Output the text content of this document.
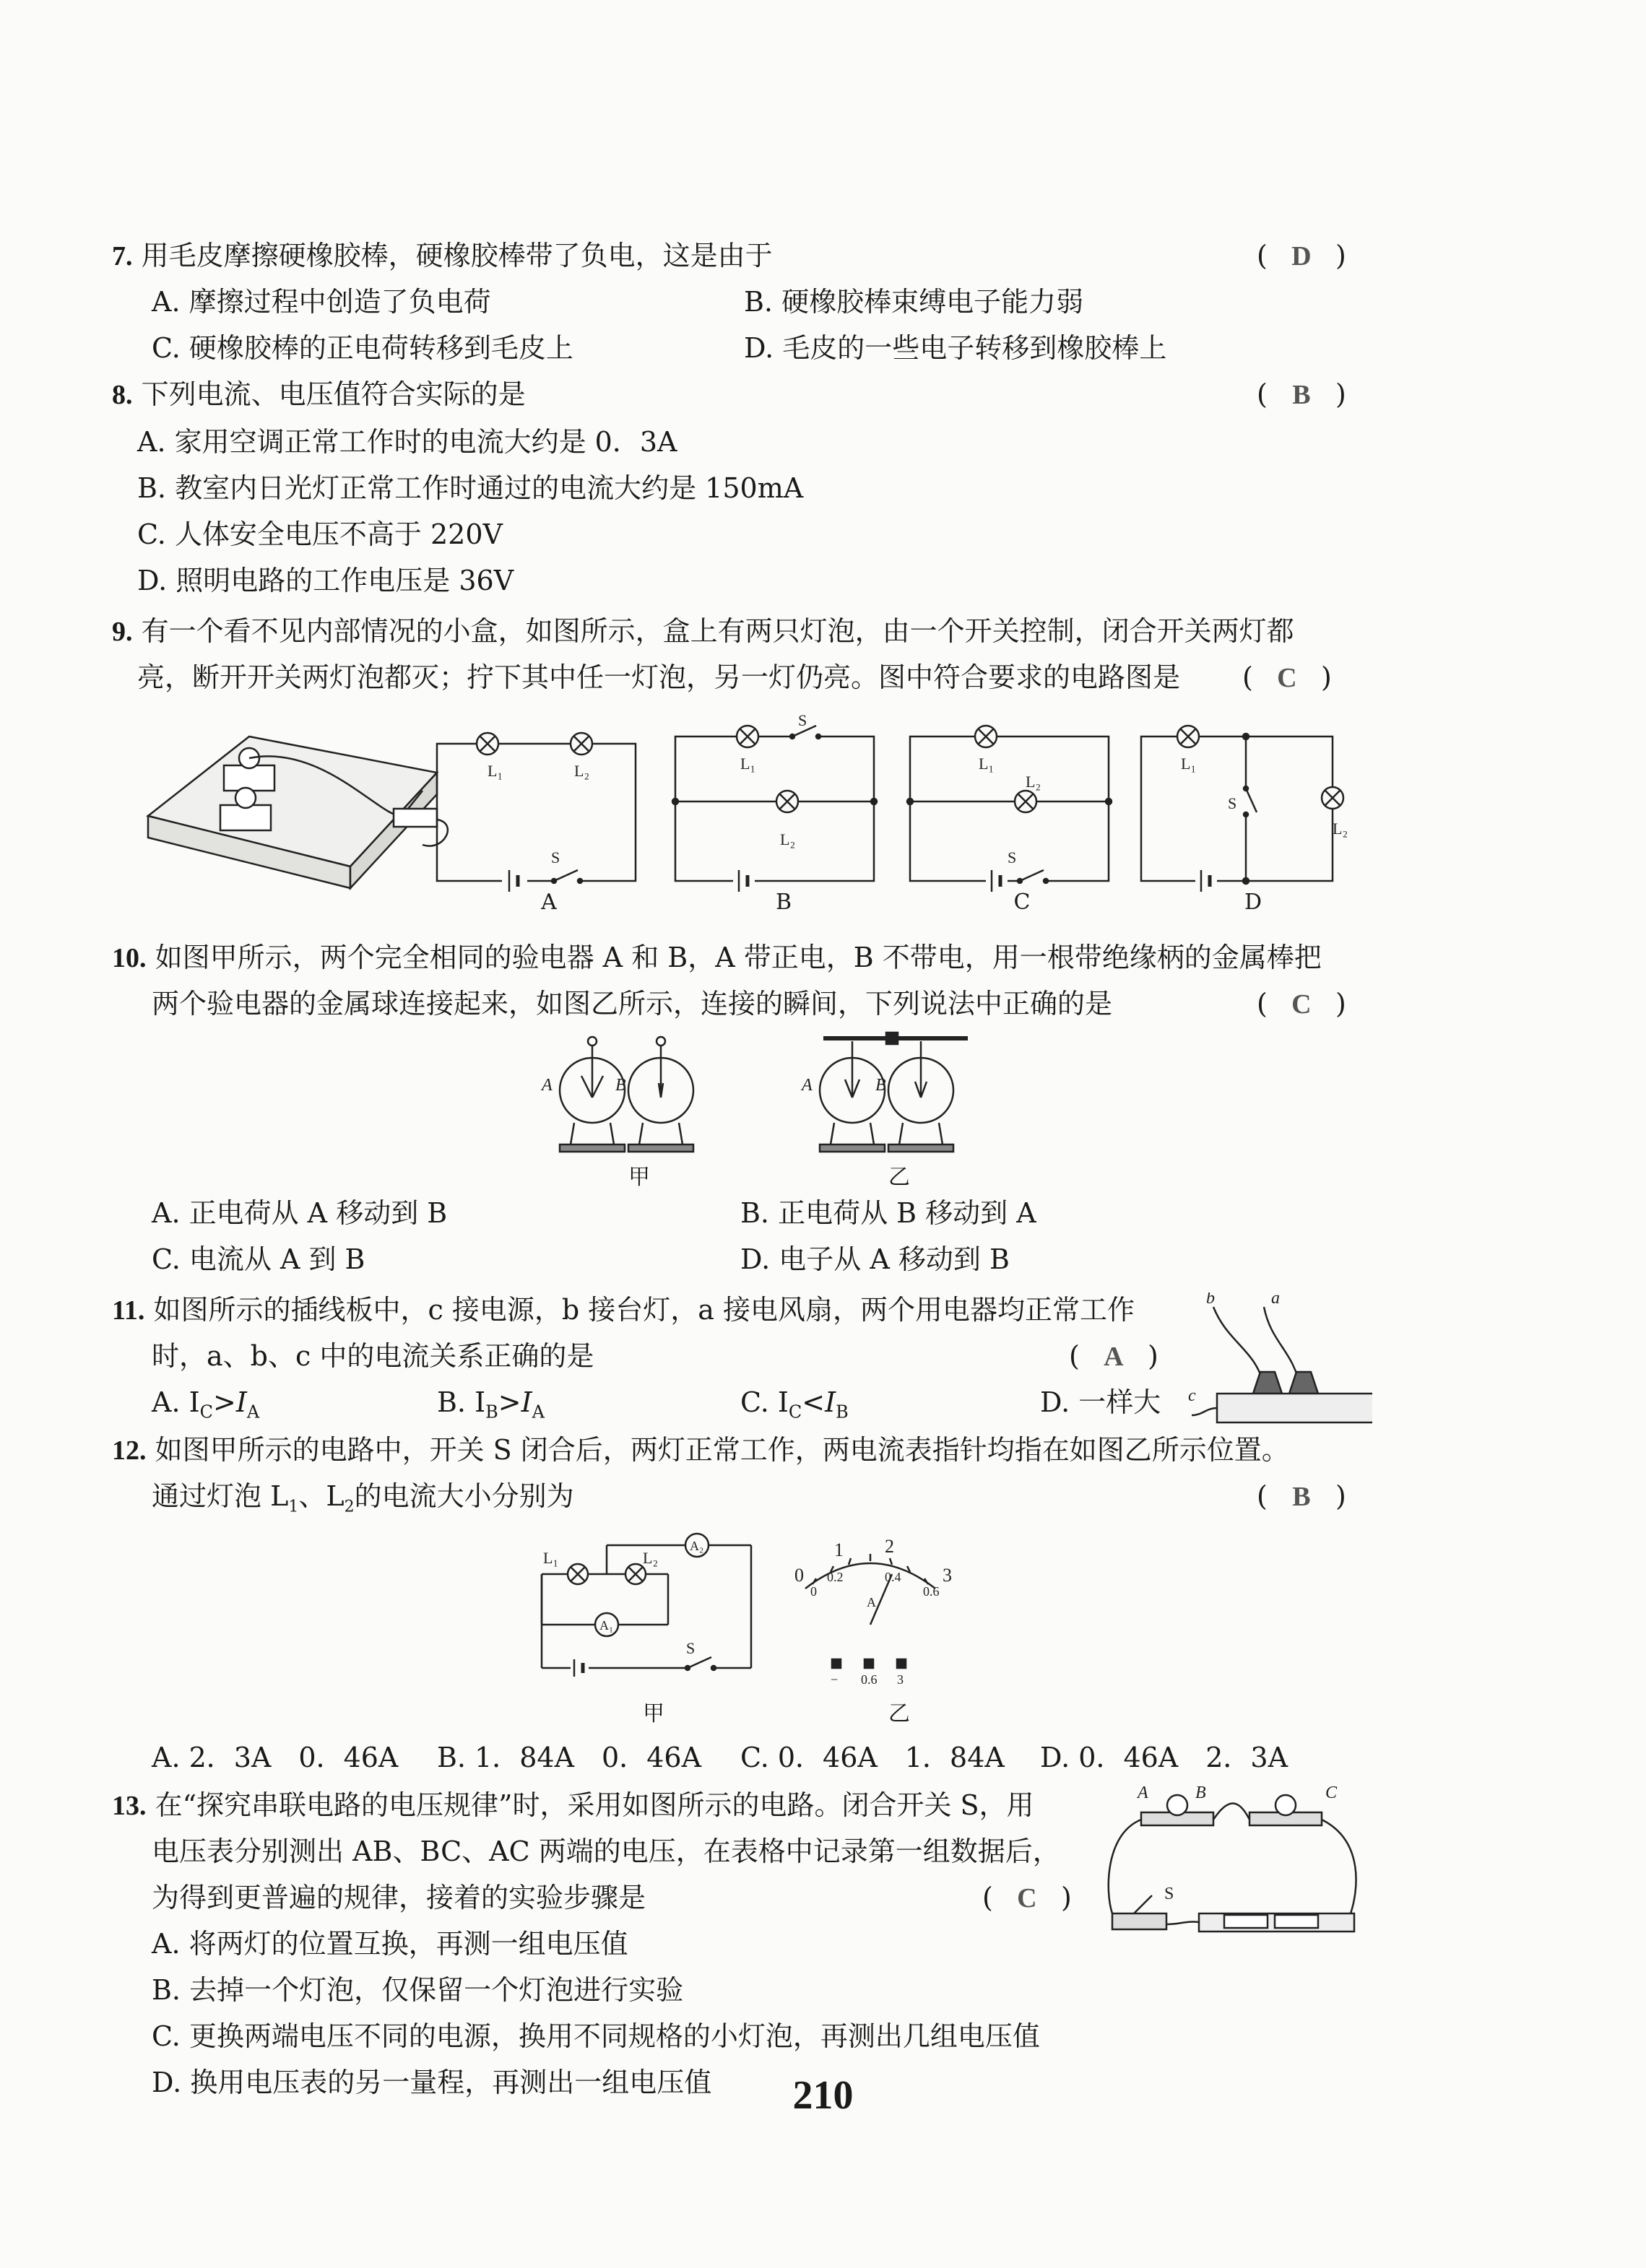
7. 用毛皮摩擦硬橡胶棒，硬橡胶棒带了负电，这是由于	( D )
A. 摩擦过程中创造了负电荷	B. 硬橡胶棒束缚电子能力弱
C. 硬橡胶棒的正电荷转移到毛皮上	D. 毛皮的一些电子转移到橡胶棒上
8. 下列电流、电压值符合实际的是	( B )
A. 家用空调正常工作时的电流大约是 0．3A
B. 教室内日光灯正常工作时通过的电流大约是 150mA
C. 人体安全电压不高于 220V
D. 照明电路的工作电压是 36V
9. 有一个看不见内部情况的小盒，如图所示，盒上有两只灯泡，由一个开关控制，闭合开关两灯都
亮，断开开关两灯泡都灭；拧下其中任一灯泡，另一灯仍亮。图中符合要求的电路图是 ( C )
L₁	L₂
S
L₁
S
L₂
L₁
L₂
S
L₁
S
L₂
A	B	C	D
10. 如图甲所示，两个完全相同的验电器 A 和 B，A 带正电，B 不带电，用一根带绝缘柄的金属棒把
两个验电器的金属球连接起来，如图乙所示，连接的瞬间，下列说法中正确的是	( C )
A	B	A	B
甲	乙
A. 正电荷从 A 移动到 B	B. 正电荷从 B 移动到 A
C. 电流从 A 到 B	D. 电子从 A 移动到 B
11. 如图所示的插线板中，c 接电源，b 接台灯，a 接电风扇，两个用电器均正常工作
时，a、b、c 中的电流关系正确的是	( A )
A. $I_C>I_A$	B. $I_B>I_A$	C. $I_C<I_B$	D. 一样大
b	a
c
12. 如图甲所示的电路中，开关 S 闭合后，两灯正常工作，两电流表指针均指在如图乙所示位置。
通过灯泡 $L_1$、$L_2$的电流大小分别为	( B )
L₁	L₂
A₂
A₁
S
0
1 2
3
0.2	0.4
0	0.6
A
− 0.6 3
甲	乙
A. 2．3A　0．46A B. 1．84A　0．46A C. 0．46A　1．84A D. 0．46A　2．3A
13. 在“探究串联电路的电压规律”时，采用如图所示的电路。闭合开关 S，用
电压表分别测出 AB、BC、AC 两端的电压，在表格中记录第一组数据后，
为得到更普遍的规律，接着的实验步骤是	( C )
A. 将两灯的位置互换，再测一组电压值
B. 去掉一个灯泡，仅保留一个灯泡进行实验
C. 更换两端电压不同的电源，换用不同规格的小灯泡，再测出几组电压值
D. 换用电压表的另一量程，再测出一组电压值
A	B	C
S
210
